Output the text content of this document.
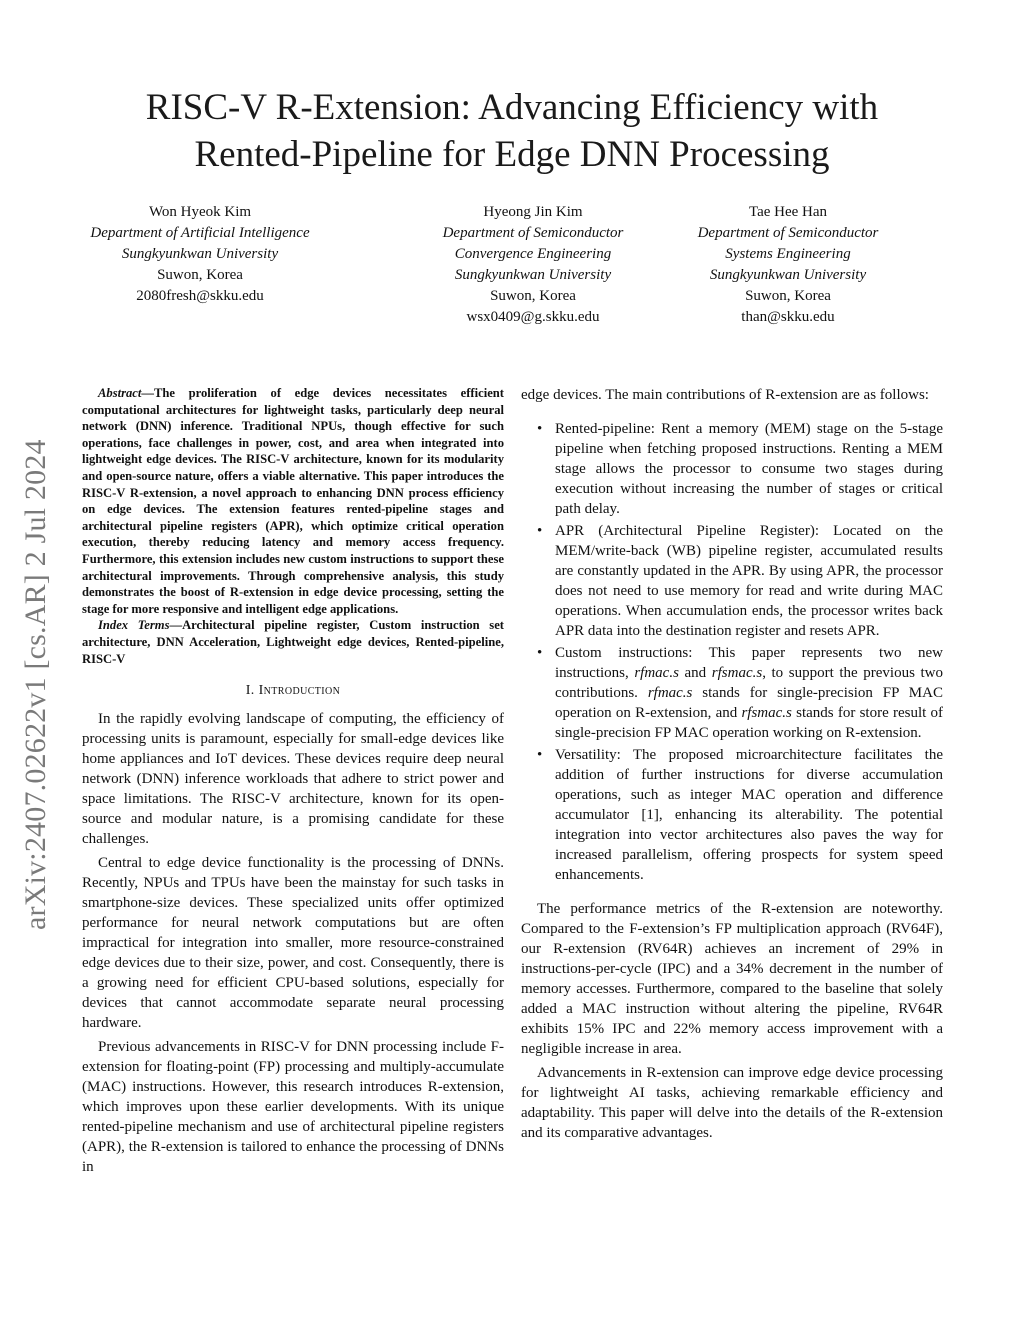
RISC-V R-Extension: Advancing Efficiency with
Rented-Pipeline for Edge DNN Processing
Won Hyeok Kim
Department of Artificial Intelligence
Sungkyunkwan University
Suwon, Korea
2080fresh@skku.edu
Hyeong Jin Kim
Department of Semiconductor
Convergence Engineering
Sungkyunkwan University
Suwon, Korea
wsx0409@g.skku.edu
Tae Hee Han
Department of Semiconductor
Systems Engineering
Sungkyunkwan University
Suwon, Korea
than@skku.edu
arXiv:2407.02622v1 [cs.AR] 2 Jul 2024

Abstract—The proliferation of edge devices necessitates efficient computational architectures for lightweight tasks, particularly deep neural network (DNN) inference. Traditional NPUs, though effective for such operations, face challenges in power, cost, and area when integrated into lightweight edge devices. The RISC-V architecture, known for its modularity and open-source nature, offers a viable alternative. This paper introduces the RISC-V R-extension, a novel approach to enhancing DNN process efficiency on edge devices. The extension features rented-pipeline stages and architectural pipeline registers (APR), which optimize critical operation execution, thereby reducing latency and memory access frequency. Furthermore, this extension includes new custom instructions to support these architectural improvements. Through comprehensive analysis, this study demonstrates the boost of R-extension in edge device processing, setting the stage for more responsive and intelligent edge applications.

Index Terms—Architectural pipeline register, Custom instruction set architecture, DNN Acceleration, Lightweight edge devices, Rented-pipeline, RISC-V

I. Introduction

In the rapidly evolving landscape of computing, the efficiency of processing units is paramount, especially for small-edge devices like home appliances and IoT devices. These devices require deep neural network (DNN) inference workloads that adhere to strict power and space limitations. The RISC-V architecture, known for its open-source and modular nature, is a promising candidate for these challenges.

Central to edge device functionality is the processing of DNNs. Recently, NPUs and TPUs have been the mainstay for such tasks in smartphone-size devices. These specialized units offer optimized performance for neural network computations but are often impractical for integration into smaller, more resource-constrained edge devices due to their size, power, and cost. Consequently, there is a growing need for efficient CPU-based solutions, especially for devices that cannot accommodate separate neural processing hardware.

Previous advancements in RISC-V for DNN processing include F-extension for floating-point (FP) processing and multiply-accumulate (MAC) instructions. However, this research introduces R-extension, which improves upon these earlier developments. With its unique rented-pipeline mechanism and use of architectural pipeline registers (APR), the R-extension is tailored to enhance the processing of DNNs in

edge devices. The main contributions of R-extension are as follows:

• Rented-pipeline: Rent a memory (MEM) stage on the 5-stage pipeline when fetching proposed instructions. Renting a MEM stage allows the processor to consume two stages during execution without increasing the number of stages or critical path delay.
• APR (Architectural Pipeline Register): Located on the MEM/write-back (WB) pipeline register, accumulated results are constantly updated in the APR. By using APR, the processor does not need to use memory for read and write during MAC operations. When accumulation ends, the processor writes back APR data into the destination register and resets APR.
• Custom instructions: This paper represents two new instructions, rfmac.s and rfsmac.s, to support the previous two contributions. rfmac.s stands for single-precision FP MAC operation on R-extension, and rfsmac.s stands for store result of single-precision FP MAC operation working on R-extension.
• Versatility: The proposed microarchitecture facilitates the addition of further instructions for diverse accumulation operations, such as integer MAC operation and difference accumulator [1], enhancing its alterability. The potential integration into vector architectures also paves the way for increased parallelism, offering prospects for system speed enhancements.

The performance metrics of the R-extension are noteworthy. Compared to the F-extension’s FP multiplication approach (RV64F), our R-extension (RV64R) achieves an increment of 29% in instructions-per-cycle (IPC) and a 34% decrement in the number of memory accesses. Furthermore, compared to the baseline that solely added a MAC instruction without altering the pipeline, RV64R exhibits 15% IPC and 22% memory access improvement with a negligible increase in area.

Advancements in R-extension can improve edge device processing for lightweight AI tasks, achieving remarkable efficiency and adaptability. This paper will delve into the details of the R-extension and its comparative advantages.
